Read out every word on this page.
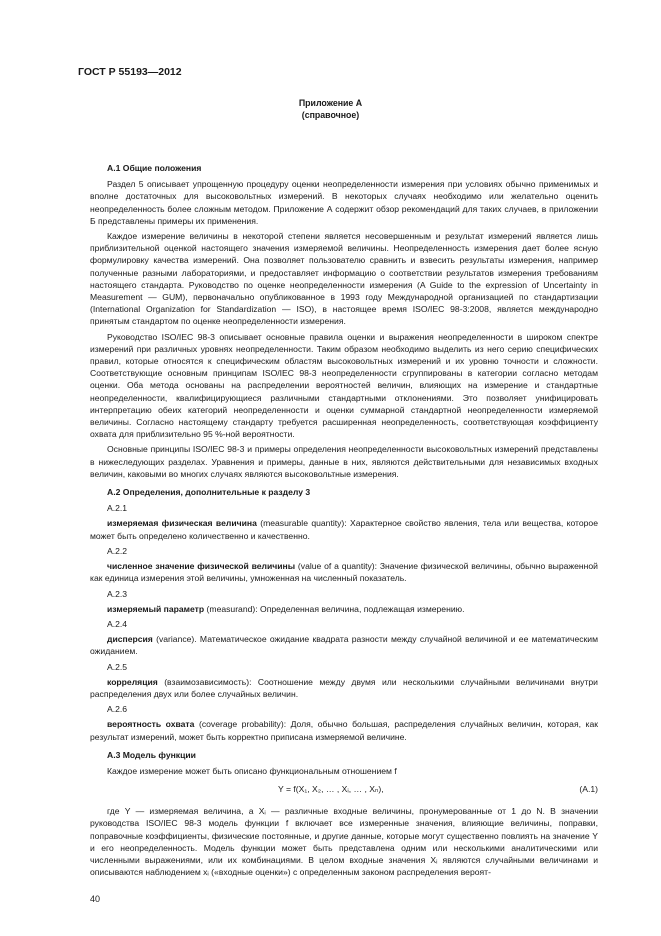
ГОСТ Р 55193—2012
Приложение А
(справочное)
А.1 Общие положения

Раздел 5 описывает упрощенную процедуру оценки неопределенности измерения при условиях обычно применимых и вполне достаточных для высоковольтных измерений. В некоторых случаях необходимо или желательно оценить неопределенность более сложным методом. Приложение А содержит обзор рекомендаций для таких случаев, в приложении Б представлены примеры их применения.

Каждое измерение величины в некоторой степени является несовершенным и результат измерений является лишь приблизительной оценкой настоящего значения измеряемой величины. Неопределенность измерения дает более ясную формулировку качества измерений. Она позволяет пользователю сравнить и взвесить результаты измерения, например полученные разными лабораториями, и предоставляет информацию о соответствии результатов измерения требованиям настоящего стандарта. Руководство по оценке неопределенности измерения (A Guide to the expression of Uncertainty in Measurement — GUM), первоначально опубликованное в 1993 году Международной организацией по стандартизации (International Organization for Standardization — ISO), в настоящее время ISO/IEC 98-3:2008, является международно принятым стандартом по оценке неопределенности измерения.

Руководство ISO/IEC 98-3 описывает основные правила оценки и выражения неопределенности в широком спектре измерений при различных уровнях неопределенности. Таким образом необходимо выделить из него серию специфических правил, которые относятся к специфическим областям высоковольтных измерений и их уровню точности и сложности. Соответствующие основным принципам ISO/IEC 98-3 неопределенности сгруппированы в категории согласно методам оценки. Оба метода основаны на распределении вероятностей величин, влияющих на измерение и стандартные неопределенности, квалифицирующиеся различными стандартными отклонениями. Это позволяет унифицировать интерпретацию обеих категорий неопределенности и оценки суммарной стандартной неопределенности измеряемой величины. Согласно настоящему стандарту требуется расширенная неопределенность, соответствующая коэффициенту охвата для приблизительно 95 %-ной вероятности.

Основные принципы ISO/IEC 98-3 и примеры определения неопределенности высоковольтных измерений представлены в нижеследующих разделах. Уравнения и примеры, данные в них, являются действительными для независимых входных величин, каковыми во многих случаях являются высоковольтные измерения.

А.2 Определения, дополнительные к разделу 3
А.2.1

измеряемая физическая величина (measurable quantity): Характерное свойство явления, тела или вещества, которое может быть определено количественно и качественно.

А.2.2

численное значение физической величины (value of a quantity): Значение физической величины, обычно выраженной как единица измерения этой величины, умноженная на численный показатель.

А.2.3

измеряемый параметр (measurand): Определенная величина, подлежащая измерению.

А.2.4

дисперсия (variance). Математическое ожидание квадрата разности между случайной величиной и ее математическим ожиданием.

А.2.5

корреляция (взаимозависимость): Соотношение между двумя или несколькими случайными величинами внутри распределения двух или более случайных величин.

А.2.6

вероятность охвата (coverage probability): Доля, обычно большая, распределения случайных величин, которая, как результат измерений, может быть корректно приписана измеряемой величине.

А.3 Модель функции

Каждое измерение может быть описано функциональным отношением f

Y = f(X₁, X₂, … , Xᵢ, … , Xₙ),	(А.1)

где Y — измеряемая величина, а Xᵢ — различные входные величины, пронумерованные от 1 до N. В значении руководства ISO/IEC 98-3 модель функции f включает все измеренные значения, влияющие величины, поправки, поправочные коэффициенты, физические постоянные, и другие данные, которые могут существенно повлиять на значение Y и его неопределенность. Модель функции может быть представлена одним или несколькими аналитическими или численными выражениями, или их комбинациями. В целом входные значения Xᵢ являются случайными величинами и описываются наблюдением xᵢ («входные оценки») с определенным законом распределения вероят-

40
